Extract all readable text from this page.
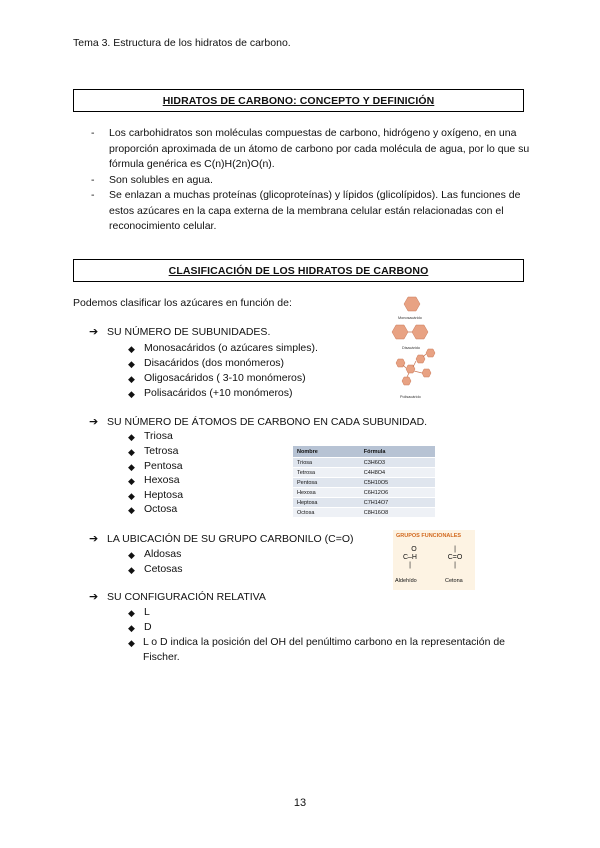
Tema 3. Estructura de los hidratos de carbono.
HIDRATOS DE CARBONO: CONCEPTO Y DEFINICIÓN
-	Los carbohidratos son moléculas compuestas de carbono, hidrógeno y oxígeno, en una proporción aproximada de un átomo de carbono por cada molécula de agua, por lo que su fórmula genérica es C(n)H(2n)O(n).
-	Son solubles en agua.
-	Se enlazan a muchas proteínas (glicoproteínas) y lípidos (glicolípidos). Las funciones de estos azúcares en la capa externa de la membrana celular están relacionadas con el reconocimiento celular.
CLASIFICACIÓN DE LOS HIDRATOS DE CARBONO
Podemos clasificar los azúcares en función de:
➔ SU NÚMERO DE SUBUNIDADES.
◆ Monosacáridos (o azúcares simples).
◆ Disacáridos (dos monómeros)
◆ Oligosacáridos ( 3-10 monómeros)
◆ Polisacáridos (+10 monómeros)
Monosacárido
Disacárido
Polisacárido
➔ SU NÚMERO DE ÁTOMOS DE CARBONO EN CADA SUBUNIDAD.
◆ Triosa
◆ Tetrosa
◆ Pentosa
◆ Hexosa
◆ Heptosa
◆ Octosa
Nombre	Fórmula
Triosa	C3H6O3
Tetrosa	C4H8O4
Pentosa	C5H10O5
Hexosa	C6H12O6
Heptosa	C7H14O7
Octosa	C8H16O8
➔ LA UBICACIÓN DE SU GRUPO CARBONILO (C=O)
◆ Aldosas
◆ Cetosas
GRUPOS FUNCIONALES
O
C–H
|
|
C=O
|
Aldehído	Cetona
➔ SU CONFIGURACIÓN RELATIVA
◆ L
◆ D
◆ L o D indica la posición del OH del penúltimo carbono en la representación de Fischer.
13
